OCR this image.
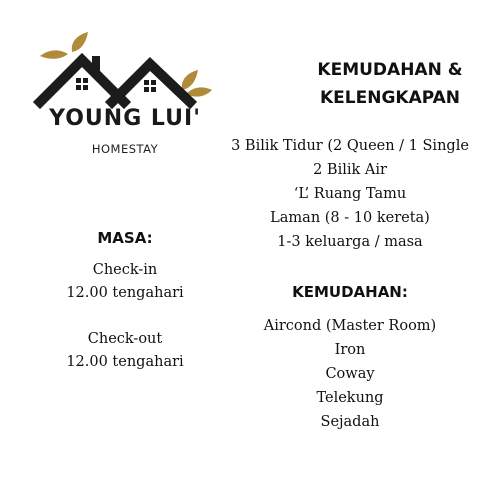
YOUNG LUI'
HOMESTAY
KEMUDAHAN &
KELENGKAPAN
3 Bilik Tidur (2 Queen / 1 Single
2 Bilik Air
‘L’ Ruang Tamu
Laman (8 - 10 kereta)
1-3 keluarga / masa
MASA:
Check-in
12.00 tengahari
Check-out
12.00 tengahari
KEMUDAHAN:
Aircond (Master Room)
Iron
Coway
Telekung
Sejadah
